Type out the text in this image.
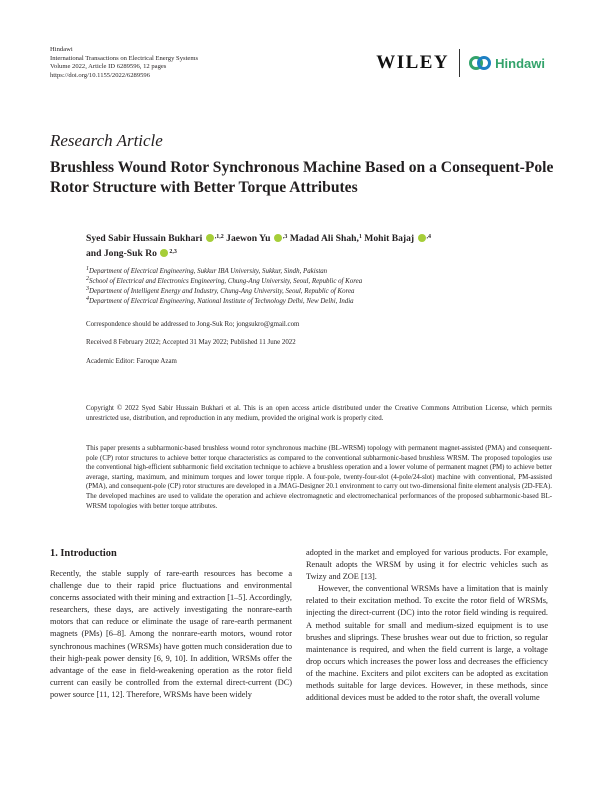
Hindawi
International Transactions on Electrical Energy Systems
Volume 2022, Article ID 6289596, 12 pages
https://doi.org/10.1155/2022/6289596
WILEY	Hindawi
Research Article
Brushless Wound Rotor Synchronous Machine Based on a Consequent-Pole Rotor Structure with Better Torque Attributes
Syed Sabir Hussain Bukhari $^{,1,2}$ Jaewon Yu $^{,3}$ Madad Ali Shah,$^1$ Mohit Bajaj $^{,4}$
and Jong-Suk Ro $^{2,3}$
$^1$Department of Electrical Engineering, Sukkur IBA University, Sukkur, Sindh, Pakistan
$^2$School of Electrical and Electronics Engineering, Chung-Ang University, Seoul, Republic of Korea
$^3$Department of Intelligent Energy and Industry, Chung-Ang University, Seoul, Republic of Korea
$^4$Department of Electrical Engineering, National Institute of Technology Delhi, New Delhi, India
Correspondence should be addressed to Jong-Suk Ro; jongsukro@gmail.com
Received 8 February 2022; Accepted 31 May 2022; Published 11 June 2022
Academic Editor: Faroque Azam
Copyright © 2022 Syed Sabir Hussain Bukhari et al. This is an open access article distributed under the Creative Commons Attribution License, which permits unrestricted use, distribution, and reproduction in any medium, provided the original work is properly cited.
This paper presents a subharmonic-based brushless wound rotor synchronous machine (BL-WRSM) topology with permanent magnet-assisted (PMA) and consequent-pole (CP) rotor structures to achieve better torque characteristics as compared to the conventional subharmonic-based brushless WRSM. The proposed topologies use the conventional high-efficient subharmonic field excitation technique to achieve a brushless operation and a lower volume of permanent magnet (PM) to achieve better average, starting, maximum, and minimum torques and lower torque ripple. A four-pole, twenty-four-slot (4-pole/24-slot) machine with conventional, PM-assisted (PMA), and consequent-pole (CP) rotor structures are developed in a JMAG-Designer 20.1 environment to carry out two-dimensional finite element analysis (2D-FEA). The developed machines are used to validate the operation and achieve electromagnetic and electromechanical performances of the proposed subharmonic-based BL-WRSM topologies with better torque attributes.
1. Introduction

Recently, the stable supply of rare-earth resources has become a challenge due to their rapid price fluctuations and environmental concerns associated with their mining and extraction [1–5]. Accordingly, researchers, these days, are actively investigating the nonrare-earth motors that can reduce or eliminate the usage of rare-earth permanent magnets (PMs) [6–8]. Among the nonrare-earth motors, wound rotor synchronous machines (WRSMs) have gotten much consideration due to their high-peak power density [6, 9, 10]. In addition, WRSMs offer the advantage of the ease in field-weakening operation as the rotor field current can easily be controlled from the external direct-current (DC) power source [11, 12]. Therefore, WRSMs have been widely

adopted in the market and employed for various products. For example, Renault adopts the WRSM by using it for electric vehicles such as Twizy and ZOE [13].

However, the conventional WRSMs have a limitation that is mainly related to their excitation method. To excite the rotor field of WRSMs, injecting the direct-current (DC) into the rotor field winding is required. A method suitable for small and medium-sized equipment is to use brushes and sliprings. These brushes wear out due to friction, so regular maintenance is required, and when the field current is large, a voltage drop occurs which increases the power loss and decreases the efficiency of the machine. Exciters and pilot exciters can be adopted as excitation methods suitable for large devices. However, in these methods, since additional devices must be added to the rotor shaft, the overall volume
